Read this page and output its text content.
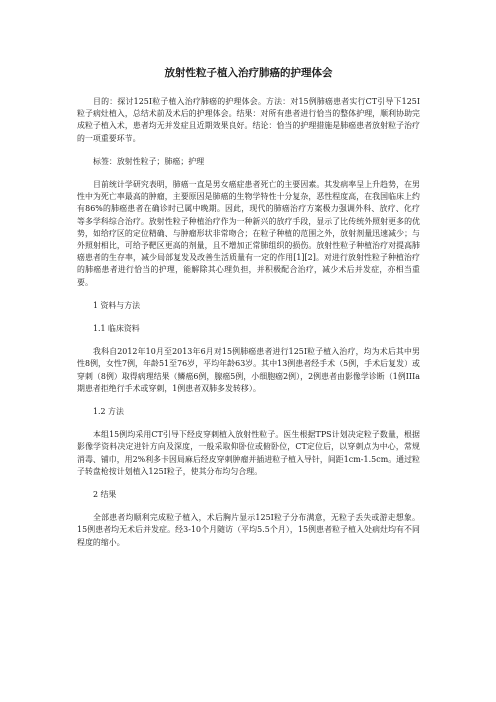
放射性粒子植入治疗肺癌的护理体会

目的：探讨125I粒子植入治疗肺癌的护理体会。方法：对15例肺癌患者实行CT引导下125I粒子病灶植入，总结术前及术后的护理体会。结果：对所有患者进行恰当的整体护理，顺利协助完成粒子植入术，患者均无并发症且近期效果良好。结论：恰当的护理措施是肺癌患者放射粒子治疗的一项重要环节。

标签：放射性粒子；肺癌；护理

目前统计学研究表明，肺癌一直是男女癌症患者死亡的主要因素。其发病率呈上升趋势，在男性中为死亡率最高的肿瘤，主要原因是肺癌的生物学特性十分复杂，恶性程度高，在我国临床上约有86%的肺癌患者在确诊时已属中晚期。因此，现代的肺癌治疗方案极力强调外科、放疗、化疗等多学科综合治疗。放射性粒子种植治疗作为一种新兴的放疗手段，显示了比传统外照射更多的优势，如给疗区的定位精确、与肿瘤形状非常吻合；在粒子种植的范围之外，放射剂量迅速减少；与外照射相比，可给予靶区更高的剂量，且不增加正常肺组织的损伤。放射性粒子种植治疗对提高肺癌患者的生存率，减少局部复发及改善生活质量有一定的作用[1][2]。对进行放射性粒子种植治疗的肺癌患者进行恰当的护理，能解除其心理负担，并积极配合治疗，减少术后并发症，亦相当重要。

1 资料与方法

1.1 临床资料

我科自2012年10月至2013年6月对15例肺癌患者进行125I粒子植入治疗，均为术后其中男性8例，女性7例，年龄51至76岁，平均年龄63岁。其中13例患者经手术（5例，手术后复发）或穿刺（8例）取得病理结果（鳞癌6例，腺癌5例，小细胞癌2例），2例患者由影像学诊断（1例IIIa期患者拒绝行手术或穿刺，1例患者双肺多发转移）。

1.2 方法

本组15例均采用CT引导下经皮穿刺植入放射性粒子。医生根据TPS计划决定粒子数量，根据影像学资料决定进针方向及深度，一般采取仰卧位或俯卧位，CT定位后，以穿刺点为中心，常规消毒、铺巾，用2%利多卡因局麻后经皮穿刺肿瘤并插进粒子植入导针，间距1cm-1.5cm。通过粒子转盘枪按计划植入125I粒子，使其分布均匀合理。

2 结果

全部患者均顺利完成粒子植入，术后胸片显示125I粒子分布满意，无粒子丢失或游走想象。15例患者均无术后并发症。经3-10个月随访（平均5.5个月），15例患者粒子植入处病灶均有不同程度的缩小。
